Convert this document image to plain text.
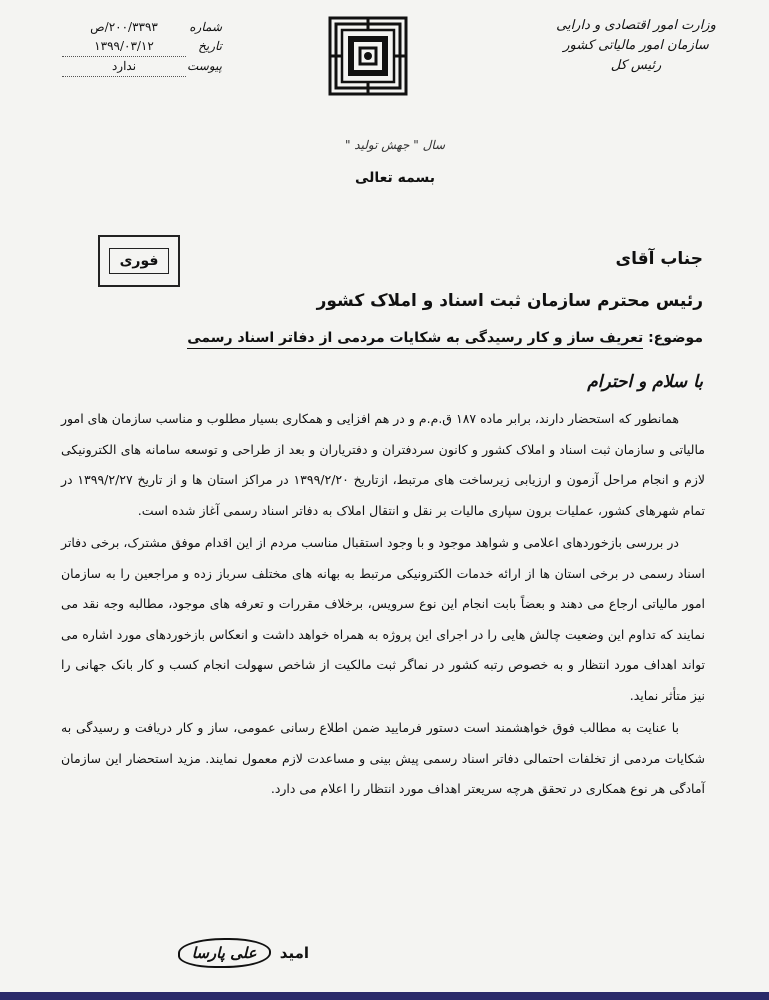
وزارت امور اقتصادی و دارایی
سازمان امور مالیاتی کشور
رئیس کل
شماره
۲۰۰/۳۳۹۳/ص
تاریخ
۱۳۹۹/۰۳/۱۲
پیوست
ندارد
سال " جهش تولید "
بسمه تعالی
فوری	جناب آقای
رئیس محترم سازمان ثبت اسناد و املاک کشور
موضوع: تعریف ساز و کار رسیدگی به شکایات مردمی از دفاتر اسناد رسمی
با سلام و احترام

همانطور که استحضار دارند، برابر ماده ۱۸۷ ق.م.م و در هم افزایی و همکاری بسیار مطلوب و مناسب سازمان های امور مالیاتی و سازمان ثبت اسناد و املاک کشور و کانون سردفتران و دفتریاران و بعد از طراحی و توسعه سامانه های الکترونیکی لازم و انجام مراحل آزمون و ارزیابی زیرساخت های مرتبط، ازتاریخ ۱۳۹۹/۲/۲۰ در مراکز استان ها و از تاریخ ۱۳۹۹/۲/۲۷ در تمام شهرهای کشور، عملیات برون سپاری مالیات بر نقل و انتقال املاک به دفاتر اسناد رسمی آغاز شده است.

در بررسی بازخوردهای اعلامی و شواهد موجود و با وجود استقبال مناسب مردم از این اقدام موفق مشترک، برخی دفاتر اسناد رسمی در برخی استان ها از ارائه خدمات الکترونیکی مرتبط به بهانه های مختلف سرباز زده و مراجعین را به سازمان امور مالیاتی ارجاع می دهند و بعضاً بابت انجام این نوع سرویس، برخلاف مقررات و تعرفه های موجود، مطالبه وجه نقد می نمایند که تداوم این وضعیت چالش هایی را در اجرای این پروژه به همراه خواهد داشت و انعکاس بازخوردهای مورد اشاره می تواند اهداف مورد انتظار و به خصوص رتبه کشور در نماگر ثبت مالکیت از شاخص سهولت انجام کسب و کار بانک جهانی را نیز متأثر نماید.

با عنایت به مطالب فوق خواهشمند است دستور فرمایید ضمن اطلاع رسانی عمومی، ساز و کار دریافت و رسیدگی به شکایات مردمی از تخلفات احتمالی دفاتر اسناد رسمی پیش بینی و مساعدت لازم معمول نمایند. مزید استحضار این سازمان آمادگی هر نوع همکاری در تحقق هرچه سریعتر اهداف مورد انتظار را اعلام می دارد.

امید علی پارسا
